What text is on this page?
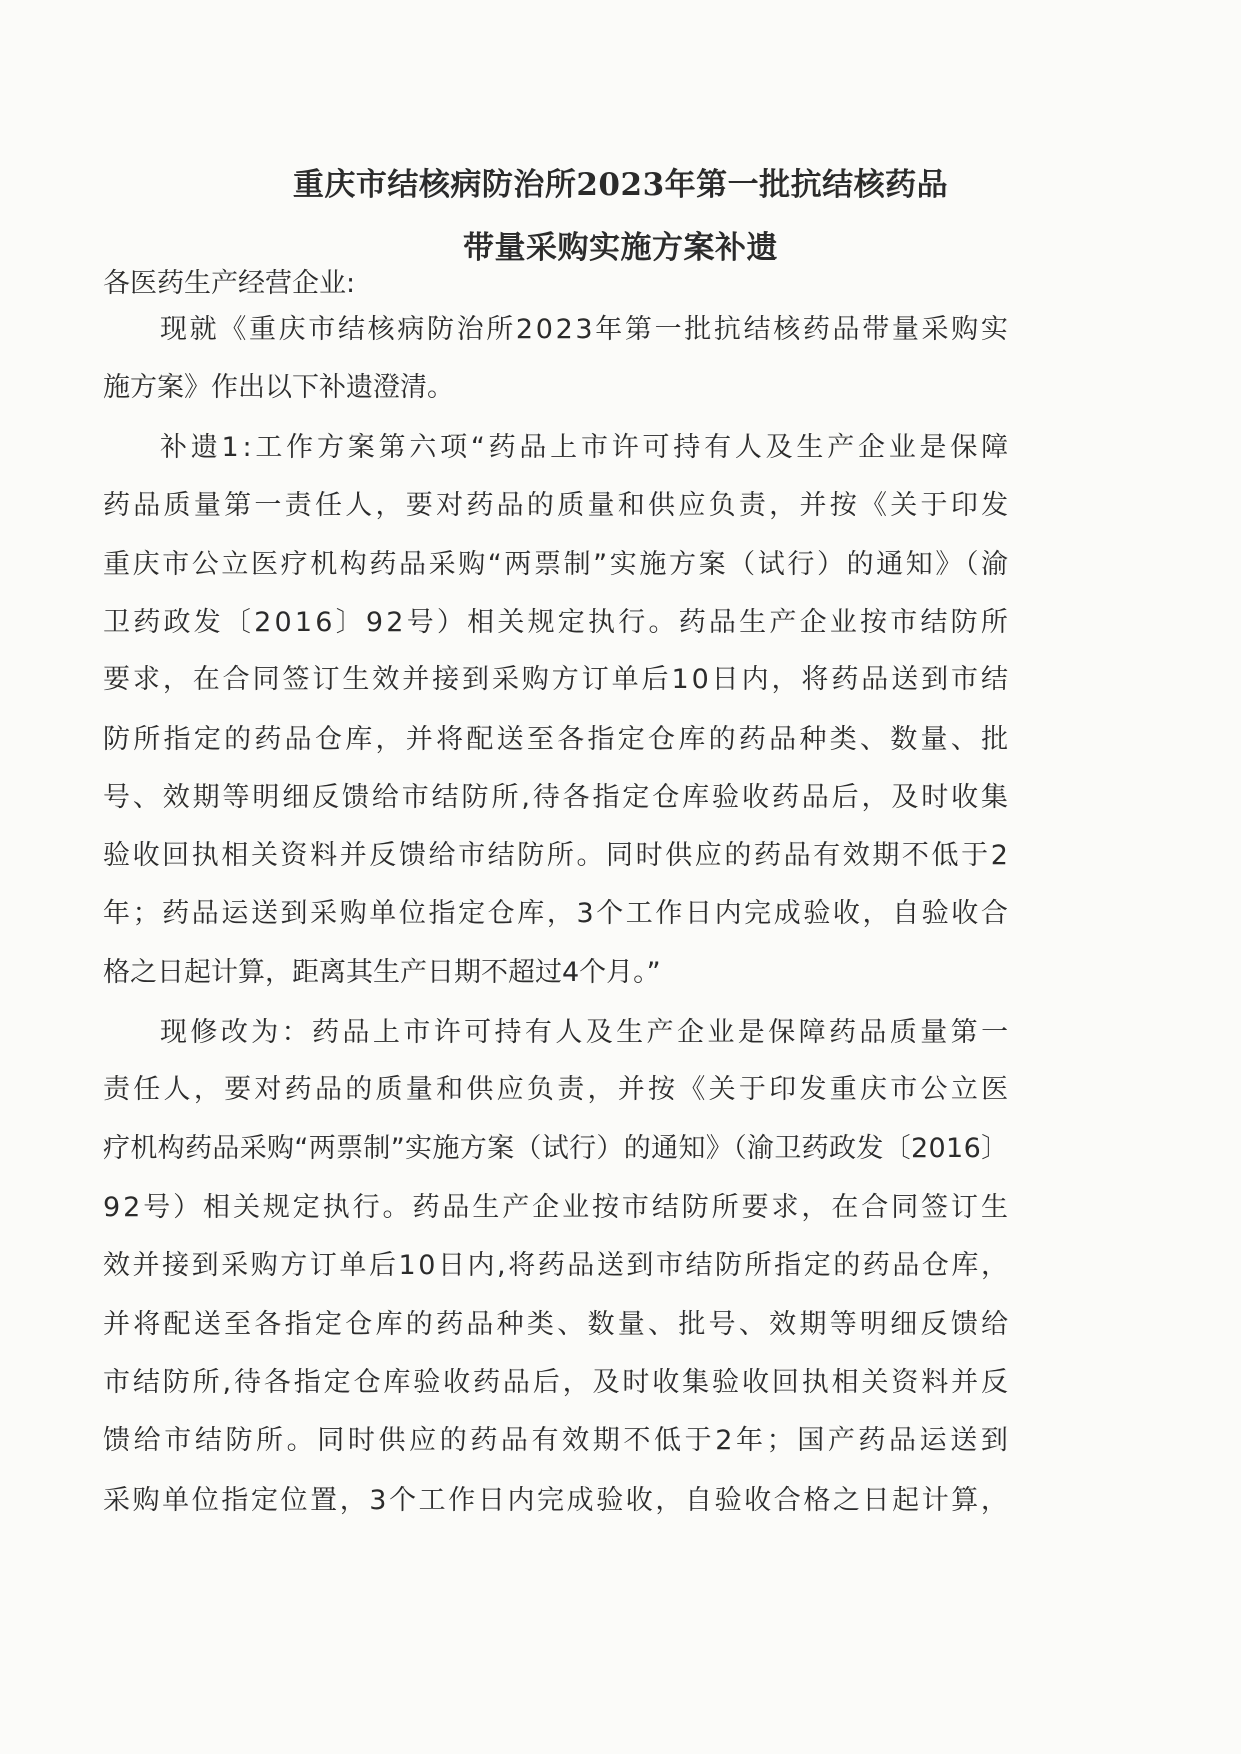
重庆市结核病防治所2023年第一批抗结核药品
带量采购实施方案补遗
各医药生产经营企业:
现就《重庆市结核病防治所2023年第一批抗结核药品带量采购实
施方案》作出以下补遗澄清。
补遗1:工作方案第六项“药品上市许可持有人及生产企业是保障
药品质量第一责任人，要对药品的质量和供应负责，并按《关于印发
重庆市公立医疗机构药品采购“两票制”实施方案（试行）的通知》（渝
卫药政发〔2016〕92号）相关规定执行。药品生产企业按市结防所
要求，在合同签订生效并接到采购方订单后10日内，将药品送到市结
防所指定的药品仓库，并将配送至各指定仓库的药品种类、数量、批
号、效期等明细反馈给市结防所,待各指定仓库验收药品后，及时收集
验收回执相关资料并反馈给市结防所。同时供应的药品有效期不低于2
年；药品运送到采购单位指定仓库，3个工作日内完成验收，自验收合
格之日起计算，距离其生产日期不超过4个月。”
现修改为：药品上市许可持有人及生产企业是保障药品质量第一
责任人，要对药品的质量和供应负责，并按《关于印发重庆市公立医
疗机构药品采购“两票制”实施方案（试行）的通知》（渝卫药政发〔2016〕
92号）相关规定执行。药品生产企业按市结防所要求，在合同签订生
效并接到采购方订单后10日内,将药品送到市结防所指定的药品仓库，
并将配送至各指定仓库的药品种类、数量、批号、效期等明细反馈给
市结防所,待各指定仓库验收药品后，及时收集验收回执相关资料并反
馈给市结防所。同时供应的药品有效期不低于2年；国产药品运送到
采购单位指定位置，3个工作日内完成验收，自验收合格之日起计算，
